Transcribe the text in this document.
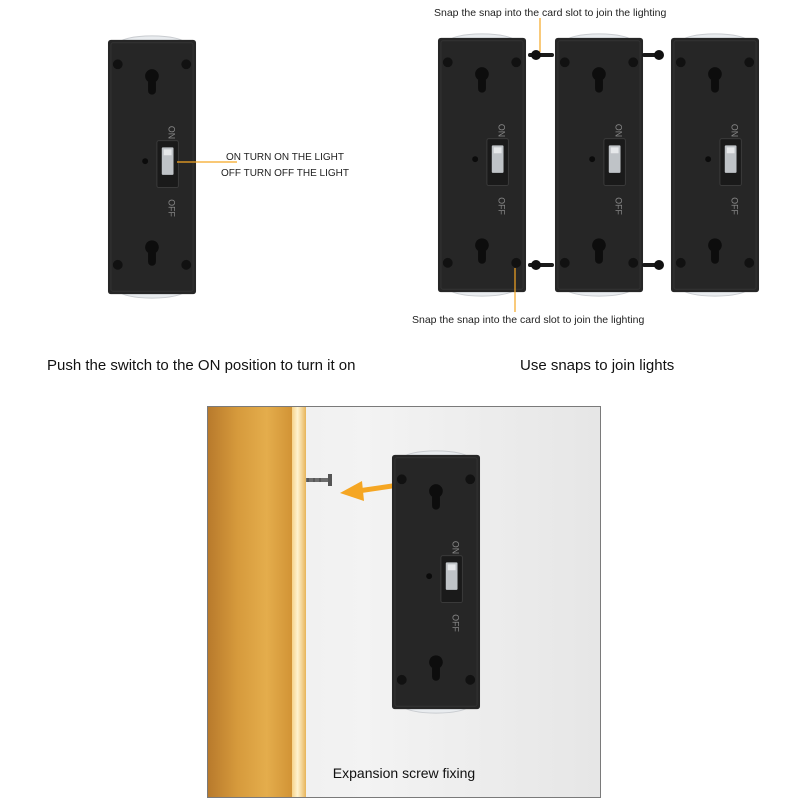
ON
OFF
ON TURN ON THE LIGHT
OFF TURN OFF THE LIGHT
Push the switch to the ON position to turn it on
Snap the snap into the card slot to join the lighting
ON
OFF
ON
OFF
ON
OFF
Snap the snap into the card slot to join the lighting
Use snaps to join lights
ON
OFF
Expansion screw fixing
